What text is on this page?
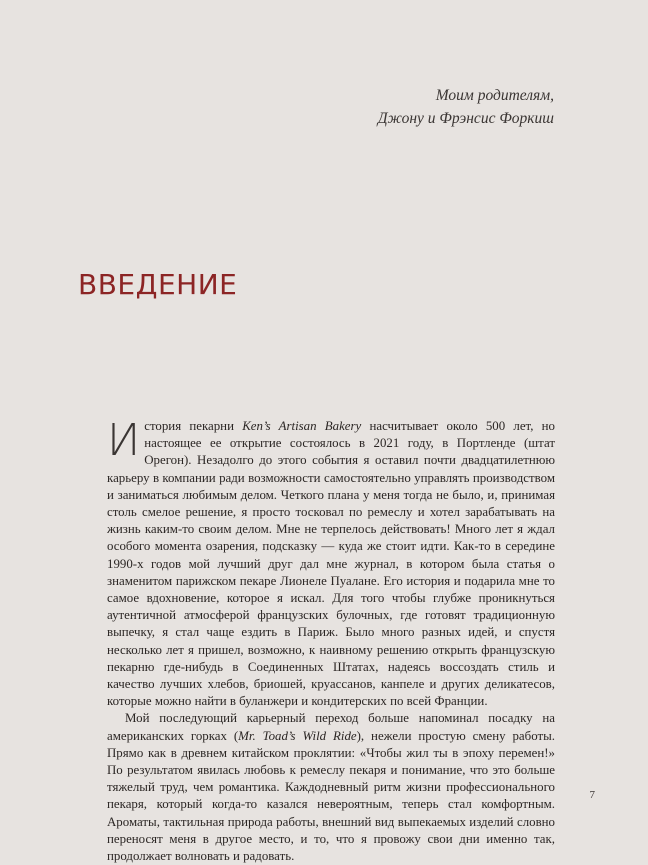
Моим родителям,
Джону и Фрэнсис Форкиш
ВВЕДЕНИЕ

История пекарни Ken’s Artisan Bakery насчитывает около 500 лет, но настоящее ее открытие состоялось в 2021 году, в Портленде (штат Орегон). Незадолго до этого события я оставил почти двадцатилетнюю карьеру в компании ради возможности самостоятельно управлять производством и заниматься любимым делом. Четкого плана у меня тогда не было, и, принимая столь смелое решение, я просто тосковал по ремеслу и хотел зарабатывать на жизнь каким-то своим делом. Мне не терпелось действовать! Много лет я ждал особого момента озарения, подсказку — куда же стоит идти. Как-то в середине 1990-х годов мой лучший друг дал мне журнал, в котором была статья о знаменитом парижском пекаре Лионеле Пуалане. Его история и подарила мне то самое вдохновение, которое я искал. Для того чтобы глубже проникнуться аутентичной атмосферой французских булочных, где готовят традиционную выпечку, я стал чаще ездить в Париж. Было много разных идей, и спустя несколько лет я пришел, возможно, к наивному решению открыть французскую пекарню где-нибудь в Соединенных Штатах, надеясь воссоздать стиль и качество лучших хлебов, бриошей, круассанов, канпеле и других деликатесов, которые можно найти в буланжери и кондитерских по всей Франции.

Мой последующий карьерный переход больше напоминал посадку на американских горках (Mr. Toad’s Wild Ride), нежели простую смену работы. Прямо как в древнем китайском проклятии: «Чтобы жил ты в эпоху перемен!» По результатом явилась любовь к ремеслу пекаря и понимание, что это больше тяжелый труд, чем романтика. Каждодневный ритм жизни профессионального пекаря, который когда-то казался невероятным, теперь стал комфортным. Ароматы, тактильная природа работы, внешний вид выпекаемых изделий словно переносят меня в другое место, и то, что я провожу свои дни именно так, продолжает волновать и радовать.

7
